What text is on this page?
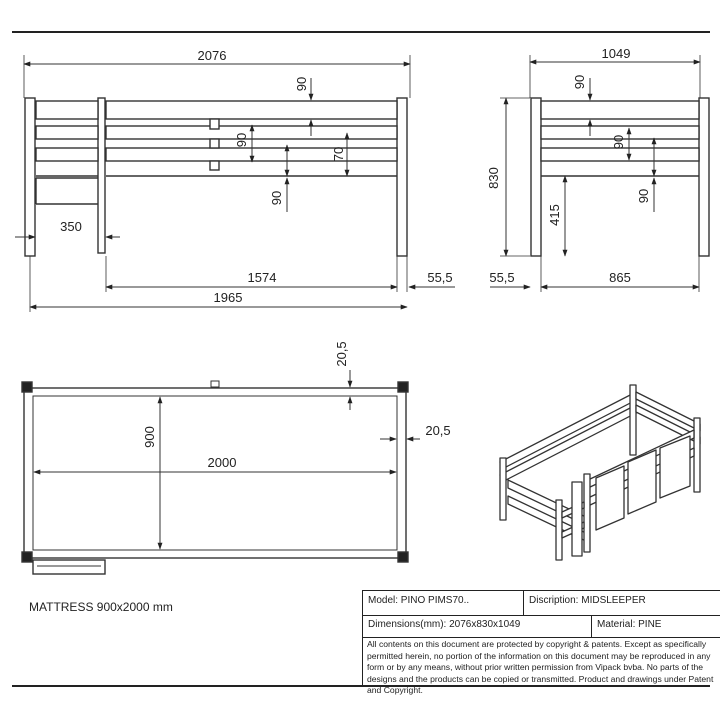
2076
90
90
70
90
350
1574	55,5
1965
1049
90
90
90
830
415
55,5	865
20,5
20,5
900
2000
MATTRESS 900x2000 mm	Model: PINO PIMS70..	Discription: MIDSLEEPER
Dimensions(mm): 2076x830x1049	Material: PINE
All contents on this document are protected by copyright & patents. Except as specifically permitted herein, no portion of the information on this document may be reproduced in any form or by any means, without prior written permission from Vipack bvba. No parts of the designs and the products can be copied or transmitted. Product and drawings under Patent and Copyright.
